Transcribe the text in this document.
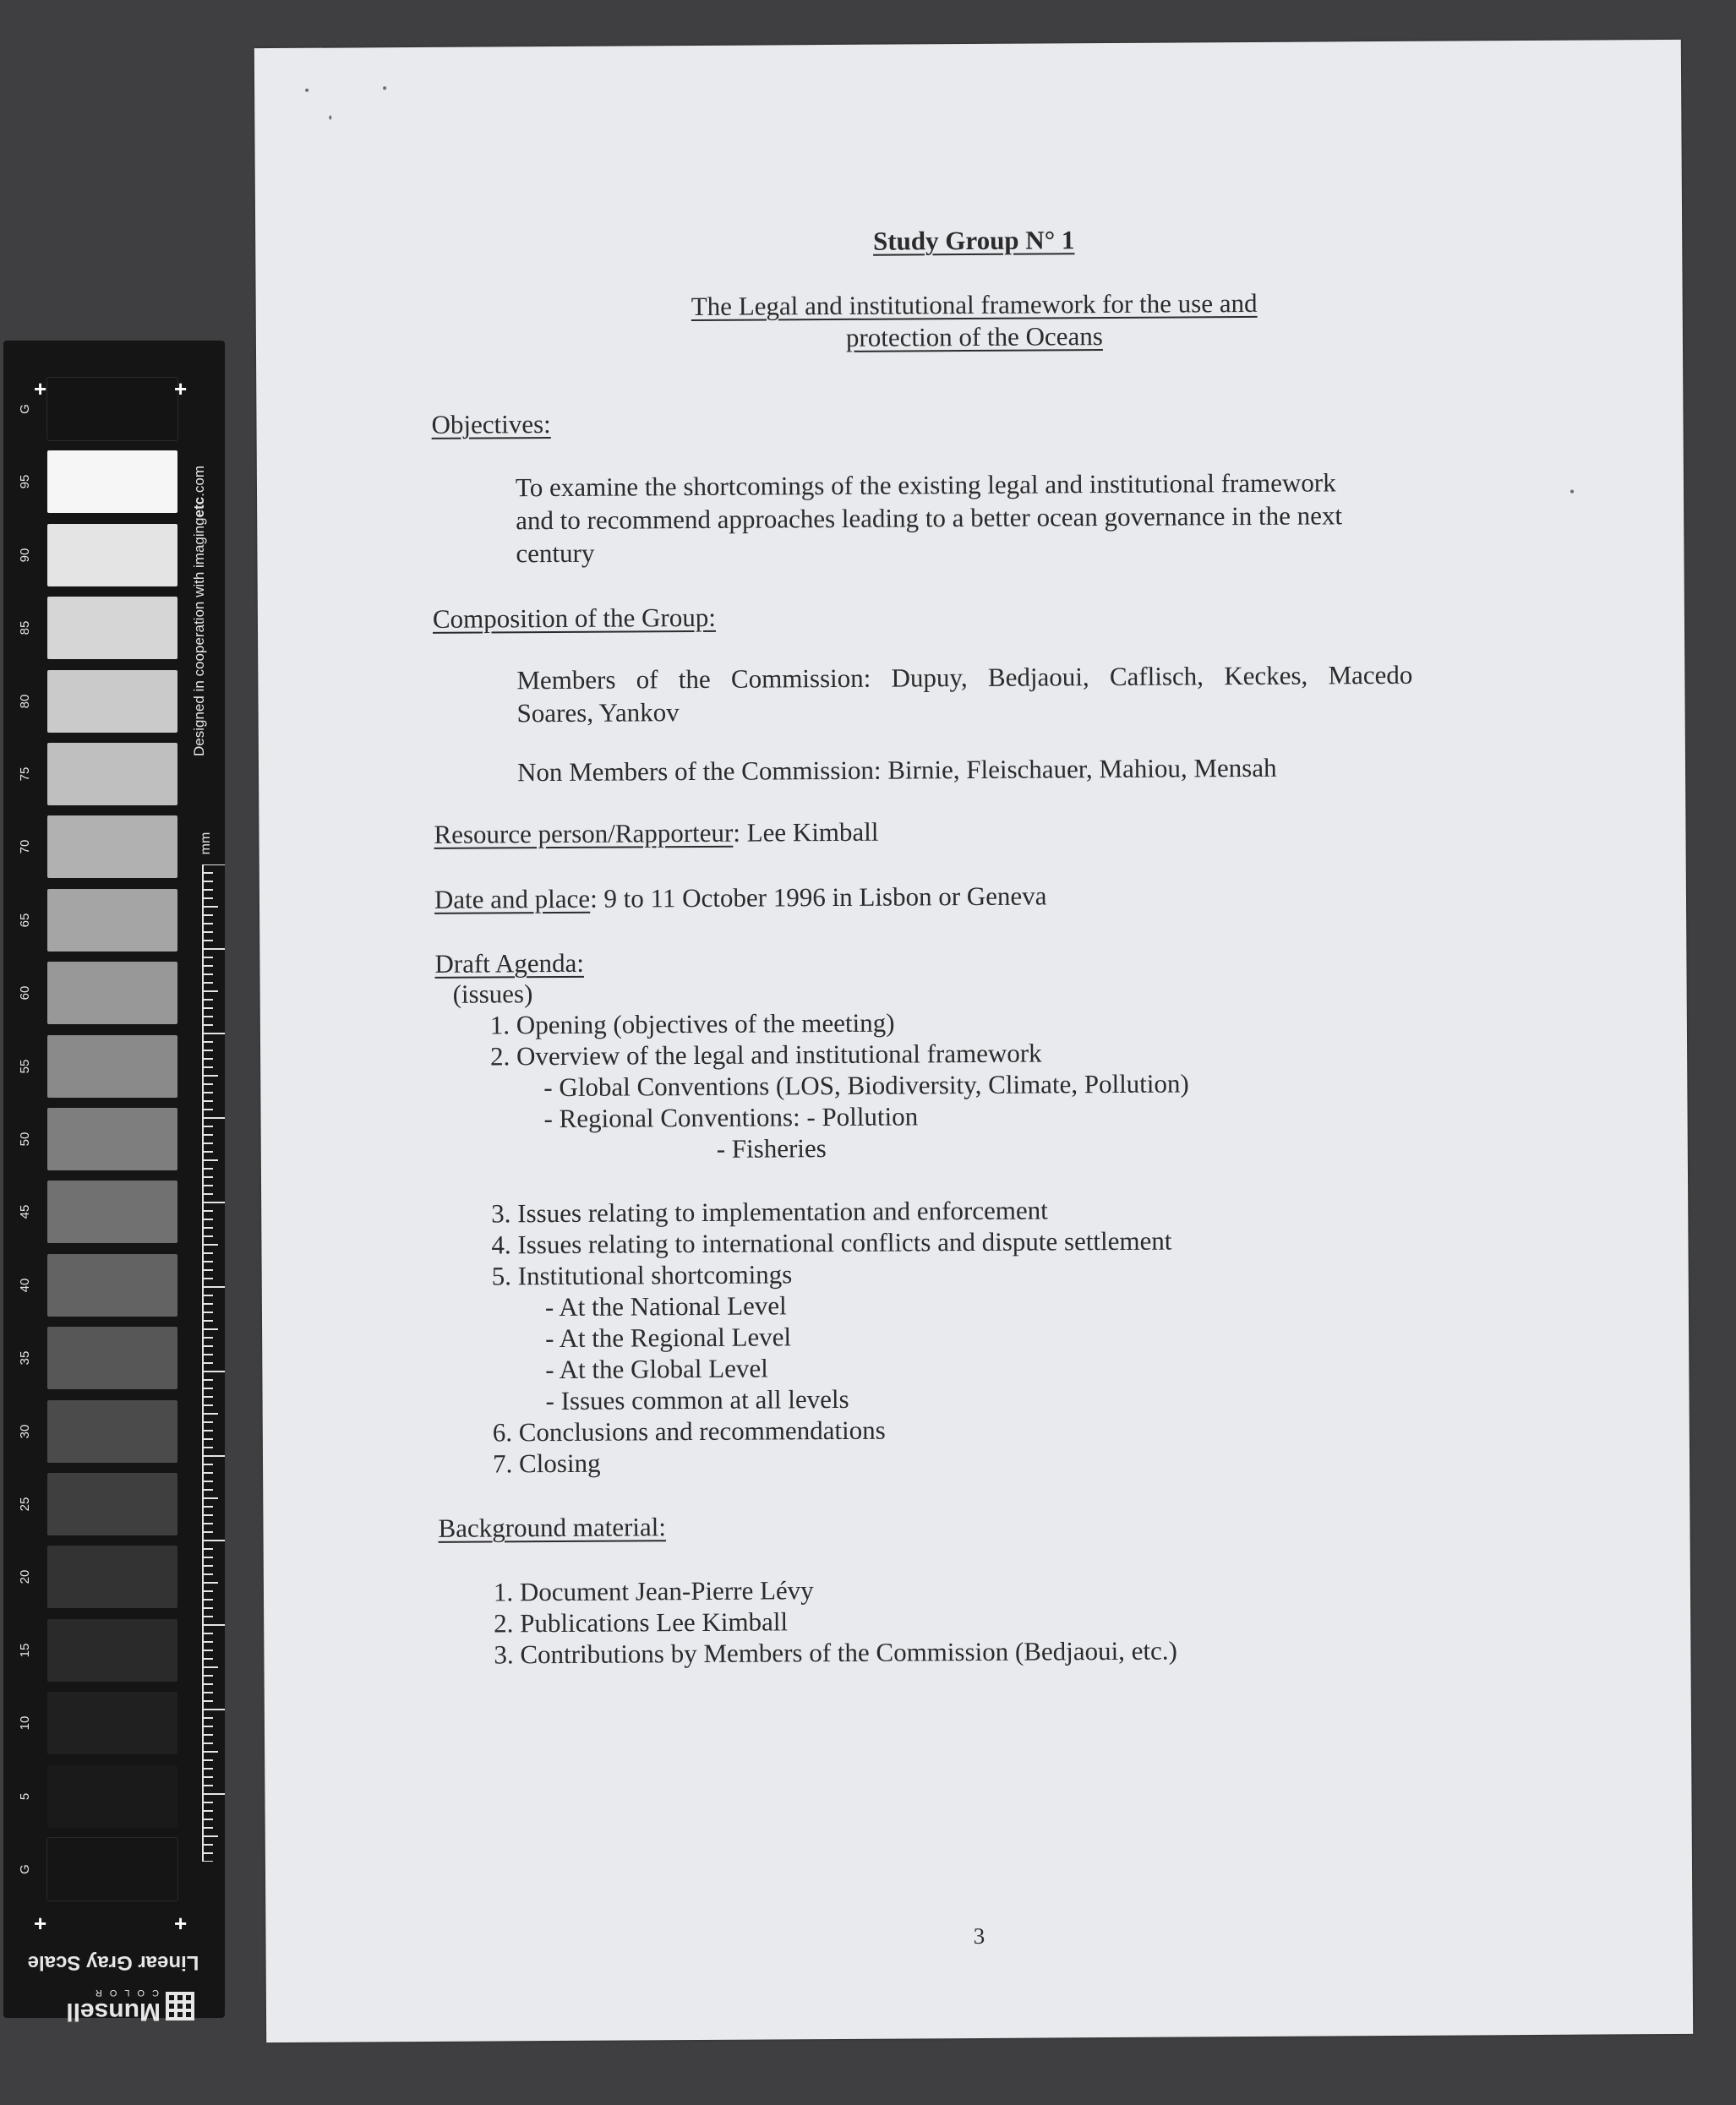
G
95
90
85
80
75
70
65
60
55
50
45
40
35
30
25
20
15
10
5
G
+	+
+	+
Designed in cooperation with imagingetc.com
mm
Linear Gray Scale
Munsell
COLOR
Study Group N° 1
The Legal and institutional framework for the use and
protection of the Oceans
Objectives:
To examine the shortcomings of the existing legal and institutional framework
and to recommend approaches leading to a better ocean governance in the next
century
Composition of the Group:
Members of the Commission: Dupuy, Bedjaoui, Caflisch, Keckes, Macedo
Soares, Yankov
Non Members of the Commission: Birnie, Fleischauer, Mahiou, Mensah
Resource person/Rapporteur: Lee Kimball
Date and place: 9 to 11 October 1996 in Lisbon or Geneva
Draft Agenda:
(issues)
1. Opening (objectives of the meeting)
2. Overview of the legal and institutional framework
- Global Conventions (LOS, Biodiversity, Climate, Pollution)
- Regional Conventions: - Pollution
- Fisheries
3. Issues relating to implementation and enforcement
4. Issues relating to international conflicts and dispute settlement
5. Institutional shortcomings
- At the National Level
- At the Regional Level
- At the Global Level
- Issues common at all levels
6. Conclusions and recommendations
7. Closing
Background material:
1. Document Jean-Pierre Lévy
2. Publications Lee Kimball
3. Contributions by Members of the Commission (Bedjaoui, etc.)
3
